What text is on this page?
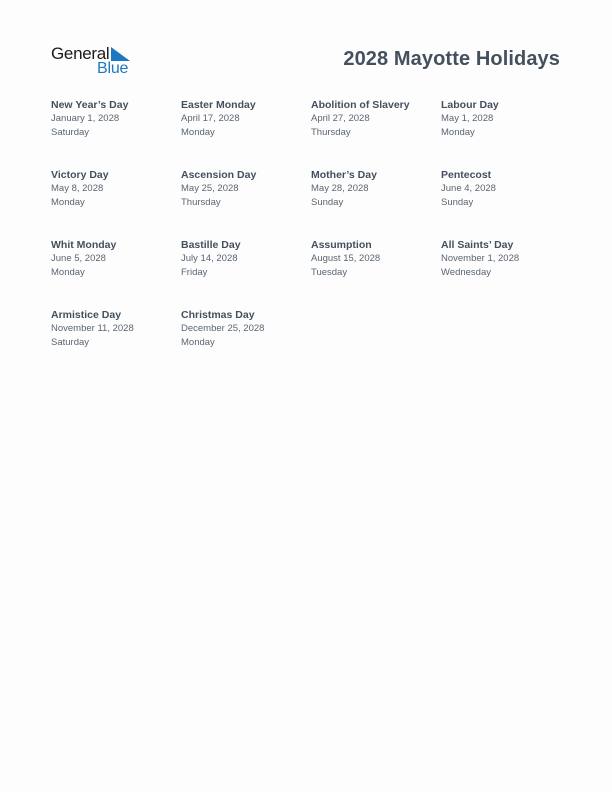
General
Blue	2028 Mayotte Holidays
New Year’s Day
January 1, 2028
Saturday
Easter Monday
April 17, 2028
Monday
Abolition of Slavery
April 27, 2028
Thursday
Labour Day
May 1, 2028
Monday
Victory Day
May 8, 2028
Monday
Ascension Day
May 25, 2028
Thursday
Mother’s Day
May 28, 2028
Sunday
Pentecost
June 4, 2028
Sunday
Whit Monday
June 5, 2028
Monday
Bastille Day
July 14, 2028
Friday
Assumption
August 15, 2028
Tuesday
All Saints’ Day
November 1, 2028
Wednesday
Armistice Day
November 11, 2028
Saturday
Christmas Day
December 25, 2028
Monday
